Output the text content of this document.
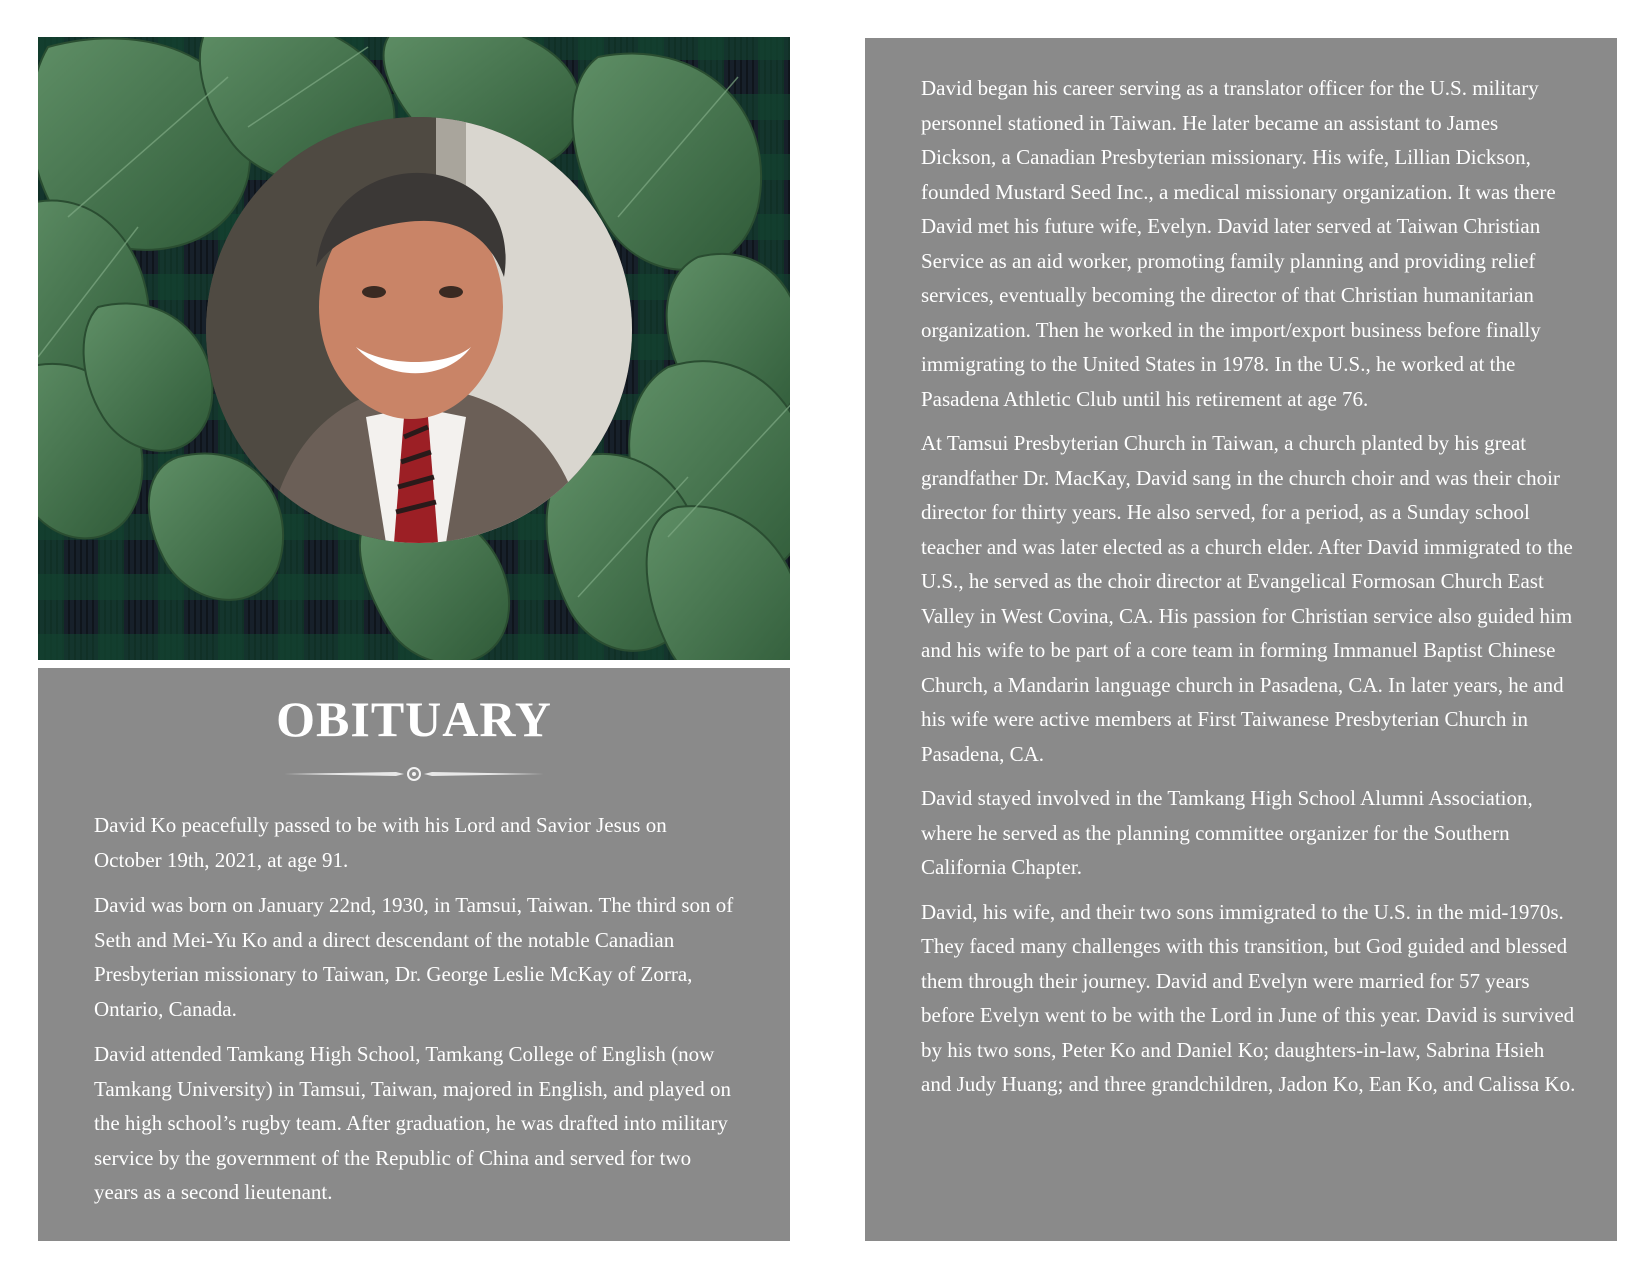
OBITUARY

David Ko peacefully passed to be with his Lord and Savior Jesus on October 19th, 2021, at age 91.

David was born on January 22nd, 1930, in Tamsui, Taiwan. The third son of Seth and Mei-Yu Ko and a direct descendant of the notable Canadian Presbyterian missionary to Taiwan, Dr. George Leslie McKay of Zorra, Ontario, Canada.

David attended Tamkang High School, Tamkang College of English (now Tamkang University) in Tamsui, Taiwan, majored in English, and played on the high school’s rugby team. After graduation, he was drafted into military service by the government of the Republic of China and served for two years as a second lieutenant.

David began his career serving as a translator officer for the U.S. military personnel stationed in Taiwan. He later became an assistant to James Dickson, a Canadian Presbyterian missionary. His wife, Lillian Dickson, founded Mustard Seed Inc., a medical missionary organization. It was there David met his future wife, Evelyn. David later served at Taiwan Christian Service as an aid worker, promoting family planning and providing relief services, eventually becoming the director of that Christian humanitarian organization. Then he worked in the import/export business before finally immigrating to the United States in 1978. In the U.S., he worked at the Pasadena Athletic Club until his retirement at age 76.

At Tamsui Presbyterian Church in Taiwan, a church planted by his great grandfather Dr. MacKay, David sang in the church choir and was their choir director for thirty years. He also served, for a period, as a Sunday school teacher and was later elected as a church elder. After David immigrated to the U.S., he served as the choir director at Evangelical Formosan Church East Valley in West Covina, CA. His passion for Christian service also guided him and his wife to be part of a core team in forming Immanuel Baptist Chinese Church, a Mandarin language church in Pasadena, CA. In later years, he and his wife were active members at First Taiwanese Presbyterian Church in Pasadena, CA.

David stayed involved in the Tamkang High School Alumni Association, where he served as the planning committee organizer for the Southern California Chapter.

David, his wife, and their two sons immigrated to the U.S. in the mid-1970s. They faced many challenges with this transition, but God guided and blessed them through their journey. David and Evelyn were married for 57 years before Evelyn went to be with the Lord in June of this year. David is survived by his two sons, Peter Ko and Daniel Ko; daughters-in-law, Sabrina Hsieh and Judy Huang; and three grandchildren, Jadon Ko, Ean Ko, and Calissa Ko.
